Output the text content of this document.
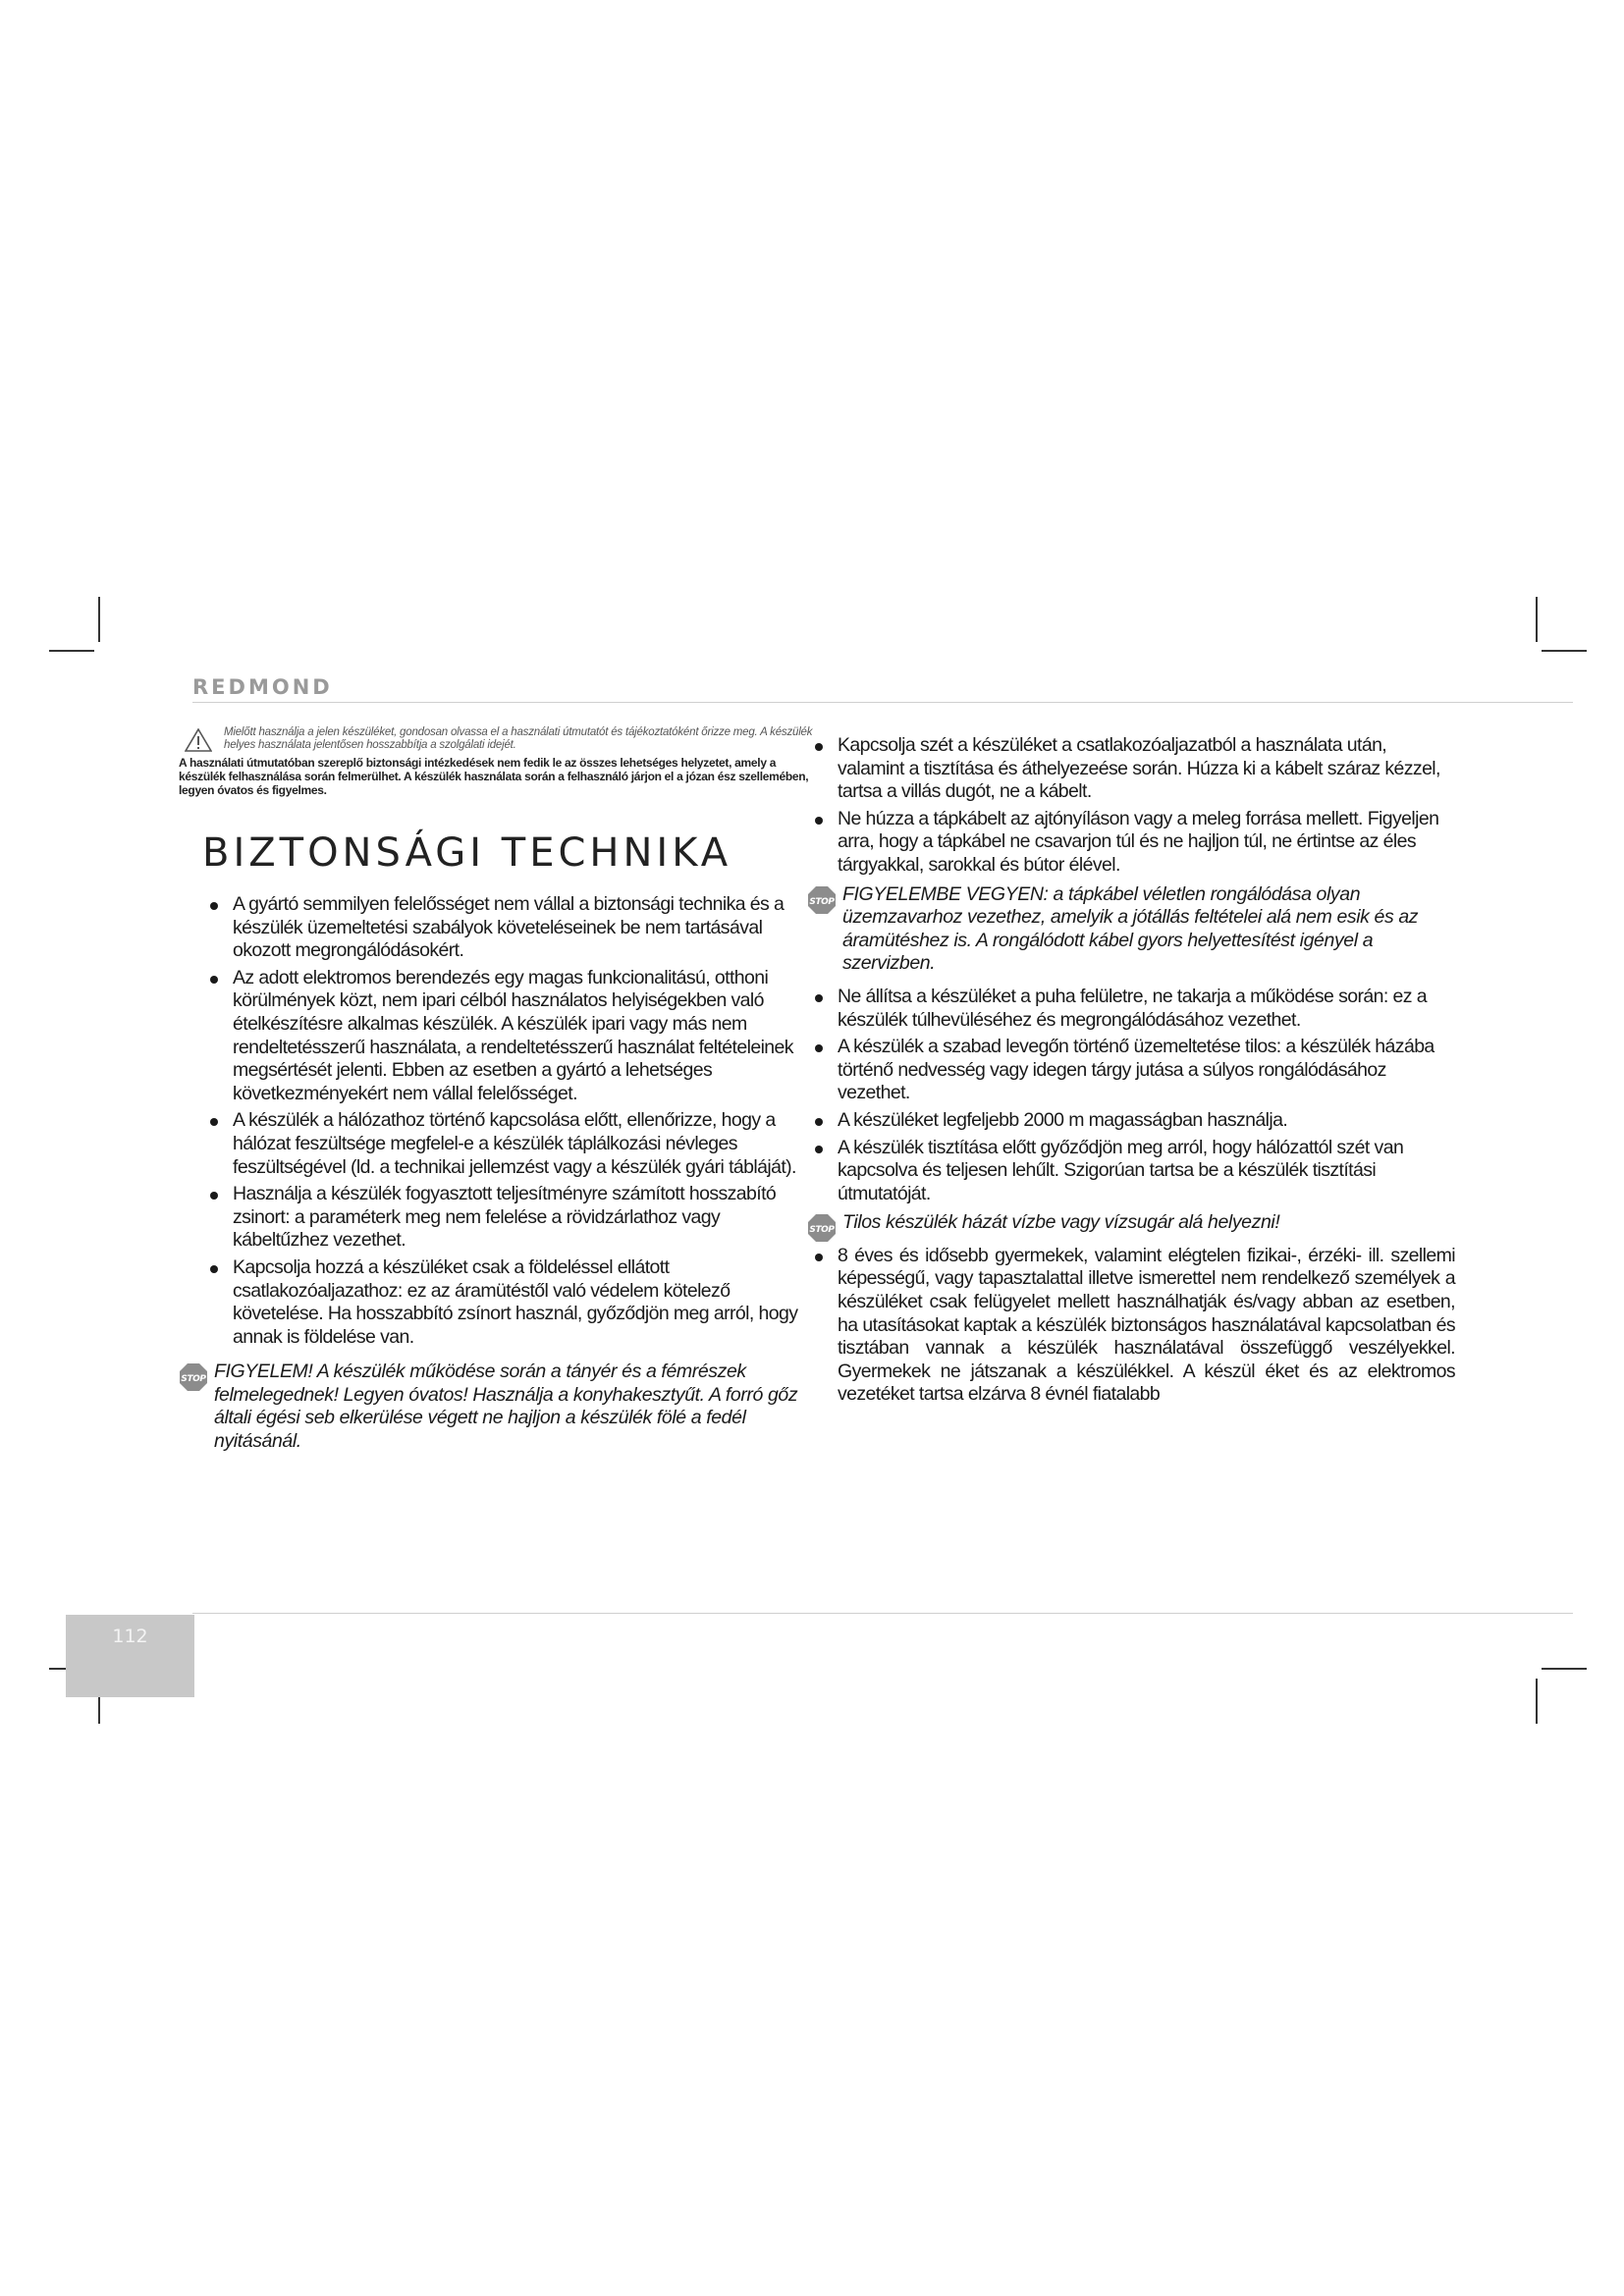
REDMOND
Mielőtt használja a jelen készüléket, gondosan olvassa el a használati útmutatót és tájékoztatóként őrizze meg. A készülék helyes használata jelentősen hosszabbítja a szolgálati idejét.
A használati útmutatóban szereplő biztonsági intézkedések nem fedik le az összes lehetséges helyzetet, amely a készülék felhasználása során felmerülhet. A készülék használata során a felhasználó járjon el a józan ész szellemében, legyen óvatos és figyelmes.
BIZTONSÁGI TECHNIKA
A gyártó semmilyen felelősséget nem vállal a biztonsági technika és a készülék üzemeltetési szabályok követeléseinek be nem tartásával okozott megrongálódásokért.
Az adott elektromos berendezés egy magas funkcionalitású, otthoni körülmények közt, nem ipari célból használatos helyiségekben való ételkészítésre alkalmas készülék. A készülék ipari vagy más nem rendeltetésszerű használata, a rendeltetésszerű használat feltételeinek megsértését jelenti. Ebben az esetben a gyártó a lehetséges következményekért nem vállal felelősséget.
A készülék a hálózathoz történő kapcsolása előtt, ellenőrizze, hogy a hálózat feszültsége megfelel-e a készülék táplálkozási névleges feszültségével (ld. a technikai jellemzést vagy a készülék gyári tábláját).
Használja a készülék fogyasztott teljesítményre számított hosszabító zsinort: a paraméterk meg nem felelése a rövidzárlathoz vagy kábeltűzhez vezethet.
Kapcsolja hozzá a készüléket csak a földeléssel ellátott csatlakozóaljazathoz: ez az áramütéstől való védelem kötelező követelése. Ha hosszabbító zsínort használ, győződjön meg arról, hogy annak is földelése van.
STOP FIGYELEM! A készülék működése során a tányér és a fémrészek felmelegednek! Legyen óvatos! Használja a konyhakesztyűt. A forró gőz általi égési seb elkerülése végett ne hajljon a készülék fölé a fedél nyitásánál.
Kapcsolja szét a készüléket a csatlakozóaljazatból a használata után, valamint a tisztítása és áthelyezeése során. Húzza ki a kábelt száraz kézzel, tartsa a villás dugót, ne a kábelt.
Ne húzza a tápkábelt az ajtónyíláson vagy a meleg forrása mellett. Figyeljen arra, hogy a tápkábel ne csavarjon túl és ne hajljon túl, ne értintse az éles tárgyakkal, sarokkal és bútor élével.
STOP FIGYELEMBE VEGYEN: a tápkábel véletlen rongálódása olyan üzemzavarhoz vezethez, amelyik a jótállás feltételei alá nem esik és az áramütéshez is. A rongálódott kábel gyors helyettesítést igényel a szervizben.
Ne állítsa a készüléket a puha felületre, ne takarja a működése során: ez a készülék túlhevüléséhez és megrongálódásához vezethet.
A készülék a szabad levegőn történő üzemeltetése tilos: a készülék házába történő nedvesség vagy idegen tárgy jutása a súlyos rongálódásához vezethet.
A készüléket legfeljebb 2000 m magasságban használja.
A készülék tisztítása előtt győződjön meg arról, hogy hálózattól szét van kapcsolva és teljesen lehűlt. Szigorúan tartsa be a készülék tisztítási útmutatóját.
STOP Tilos készülék házát vízbe vagy vízsugár alá helyezni!
8 éves és idősebb gyermekek, valamint elégtelen fizikai-, érzéki- ill. szellemi képességű, vagy tapasztalattal illetve ismerettel nem rendelkező személyek a készüléket csak felügyelet mellett használhatják és/vagy abban az esetben, ha utasításokat kaptak a készülék biztonságos használatával kapcsolatban és tisztában vannak a készülék használatával összefüggő veszélyekkel. Gyermekek ne játszanak a készülékkel. A készül éket és az elektromos vezetéket tartsa elzárva 8 évnél fiatalabb
112
